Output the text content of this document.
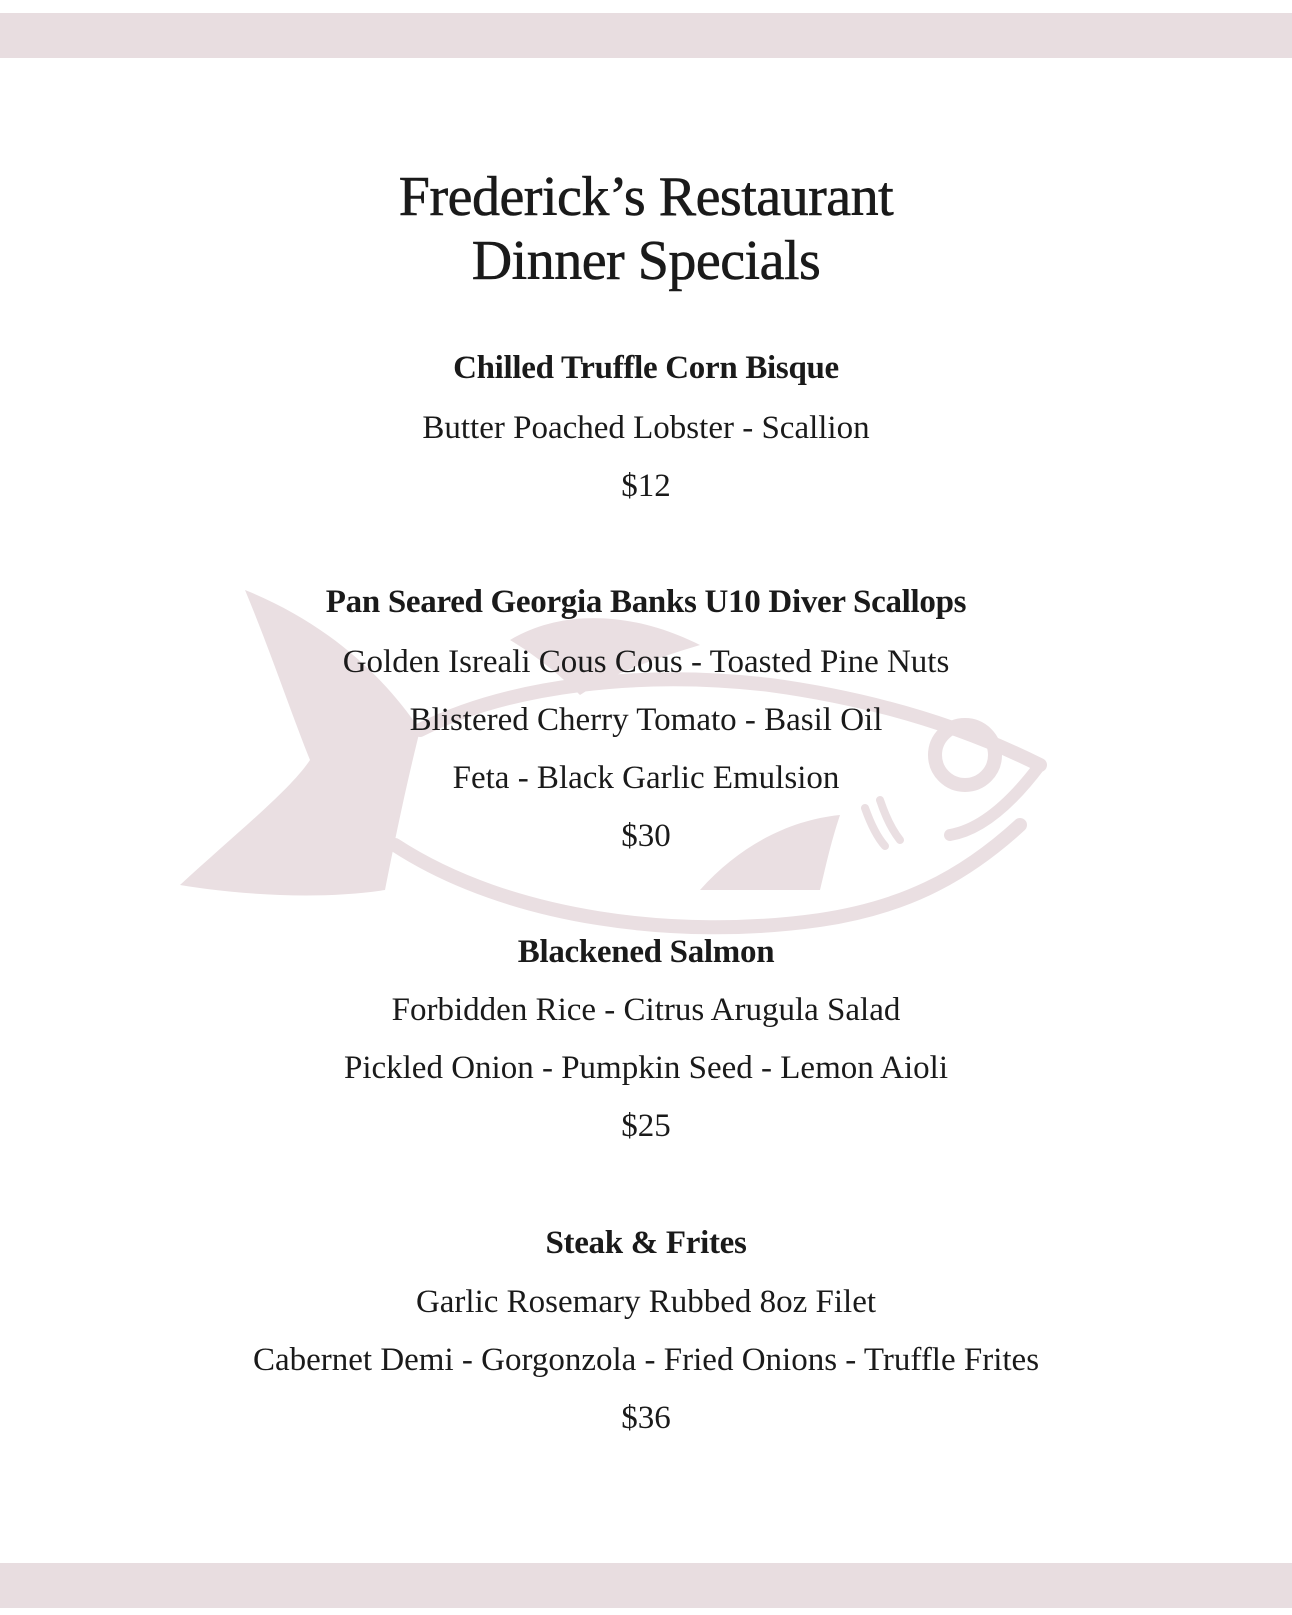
Frederick’s Restaurant
Dinner Specials
Chilled Truffle Corn Bisque
Butter Poached Lobster - Scallion
$12
Pan Seared Georgia Banks U10 Diver Scallops
Golden Isreali Cous Cous - Toasted Pine Nuts
Blistered Cherry Tomato - Basil Oil
Feta - Black Garlic Emulsion
$30
Blackened Salmon
Forbidden Rice - Citrus Arugula Salad
Pickled Onion - Pumpkin Seed - Lemon Aioli
$25
Steak & Frites
Garlic Rosemary Rubbed 8oz Filet
Cabernet Demi - Gorgonzola - Fried Onions - Truffle Frites
$36
